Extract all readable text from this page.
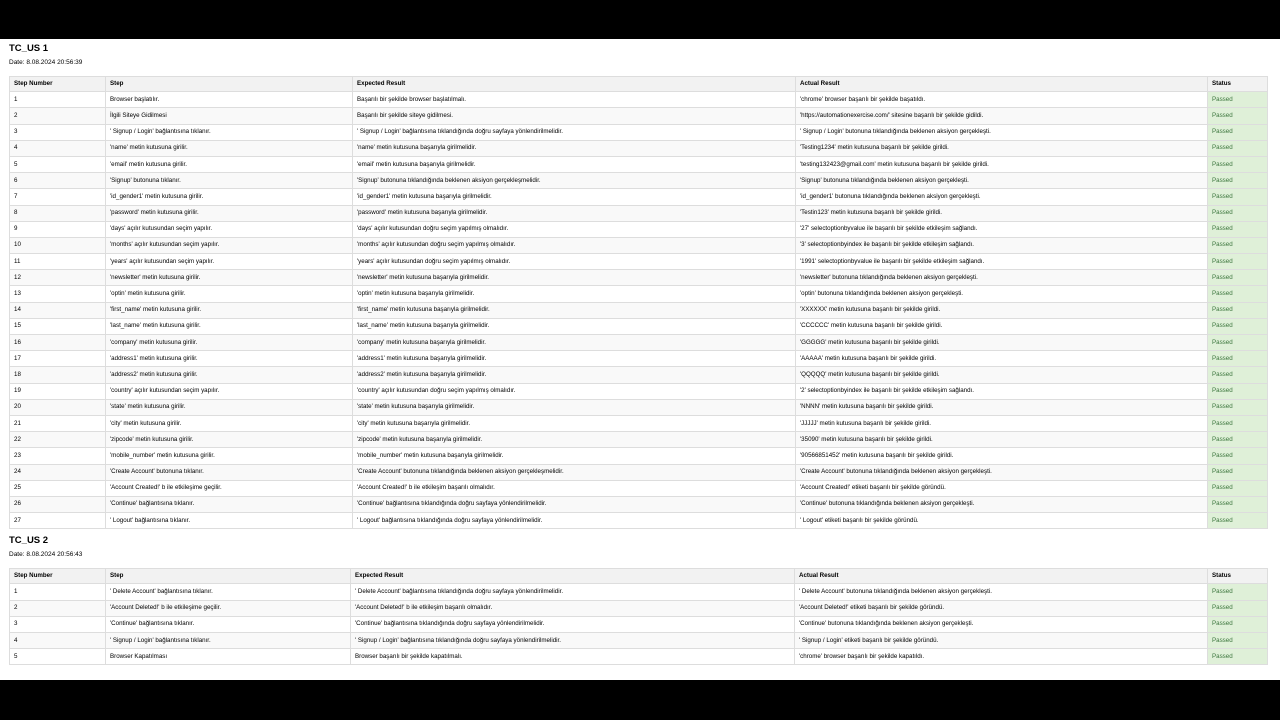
TC_US 1
Date: 8.08.2024 20:56:39
Step Number	Step	Expected Result	Actual Result	Status
1	Browser başlatılır.	Başarılı bir şekilde browser başlatılmalı.	'chrome' browser başarılı bir şekilde başatıldı.	Passed
2	İlgili Siteye Gidilmesi	Başarılı bir şekilde siteye gidilmesi.	'https://automationexercise.com/' sitesine başarılı bir şekilde gidildi.	Passed
3	' Signup / Login' bağlantısına tıklanır.	' Signup / Login' bağlantısına tıklandığında doğru sayfaya yönlendirilmelidir.	' Signup / Login' butonuna tıklandığında beklenen aksiyon gerçekleşti.	Passed
4	'name' metin kutusuna girilir.	'name' metin kutusuna başarıyla girilmelidir.	'Testing1234' metin kutusuna başarılı bir şekilde girildi.	Passed
5	'email' metin kutusuna girilir.	'email' metin kutusuna başarıyla girilmelidir.	'testing132423@gmail.com' metin kutusuna başarılı bir şekilde girildi.	Passed
6	'Signup' butonuna tıklanır.	'Signup' butonuna tıklandığında beklenen aksiyon gerçekleşmelidir.	'Signup' butonuna tıklandığında beklenen aksiyon gerçekleşti.	Passed
7	'id_gender1' metin kutusuna girilir.	'id_gender1' metin kutusuna başarıyla girilmelidir.	'id_gender1' butonuna tıklandığında beklenen aksiyon gerçekleşti.	Passed
8	'password' metin kutusuna girilir.	'password' metin kutusuna başarıyla girilmelidir.	'Testin123' metin kutusuna başarılı bir şekilde girildi.	Passed
9	'days' açılır kutusundan seçim yapılır.	'days' açılır kutusundan doğru seçim yapılmış olmalıdır.	'27' selectoptionbyvalue ile başarılı bir şekilde etkileşim sağlandı.	Passed
10	'months' açılır kutusundan seçim yapılır.	'months' açılır kutusundan doğru seçim yapılmış olmalıdır.	'3' selectoptionbyindex ile başarılı bir şekilde etkileşim sağlandı.	Passed
11	'years' açılır kutusundan seçim yapılır.	'years' açılır kutusundan doğru seçim yapılmış olmalıdır.	'1991' selectoptionbyvalue ile başarılı bir şekilde etkileşim sağlandı.	Passed
12	'newsletter' metin kutusuna girilir.	'newsletter' metin kutusuna başarıyla girilmelidir.	'newsletter' butonuna tıklandığında beklenen aksiyon gerçekleşti.	Passed
13	'optin' metin kutusuna girilir.	'optin' metin kutusuna başarıyla girilmelidir.	'optin' butonuna tıklandığında beklenen aksiyon gerçekleşti.	Passed
14	'first_name' metin kutusuna girilir.	'first_name' metin kutusuna başarıyla girilmelidir.	'XXXXXX' metin kutusuna başarılı bir şekilde girildi.	Passed
15	'last_name' metin kutusuna girilir.	'last_name' metin kutusuna başarıyla girilmelidir.	'CCCCCC' metin kutusuna başarılı bir şekilde girildi.	Passed
16	'company' metin kutusuna girilir.	'company' metin kutusuna başarıyla girilmelidir.	'GGGGG' metin kutusuna başarılı bir şekilde girildi.	Passed
17	'address1' metin kutusuna girilir.	'address1' metin kutusuna başarıyla girilmelidir.	'AAAAA' metin kutusuna başarılı bir şekilde girildi.	Passed
18	'address2' metin kutusuna girilir.	'address2' metin kutusuna başarıyla girilmelidir.	'QQQQQ' metin kutusuna başarılı bir şekilde girildi.	Passed
19	'country' açılır kutusundan seçim yapılır.	'country' açılır kutusundan doğru seçim yapılmış olmalıdır.	'2' selectoptionbyindex ile başarılı bir şekilde etkileşim sağlandı.	Passed
20	'state' metin kutusuna girilir.	'state' metin kutusuna başarıyla girilmelidir.	'NNNN' metin kutusuna başarılı bir şekilde girildi.	Passed
21	'city' metin kutusuna girilir.	'city' metin kutusuna başarıyla girilmelidir.	'JJJJJ' metin kutusuna başarılı bir şekilde girildi.	Passed
22	'zipcode' metin kutusuna girilir.	'zipcode' metin kutusuna başarıyla girilmelidir.	'35090' metin kutusuna başarılı bir şekilde girildi.	Passed
23	'mobile_number' metin kutusuna girilir.	'mobile_number' metin kutusuna başarıyla girilmelidir.	'90566851452' metin kutusuna başarılı bir şekilde girildi.	Passed
24	'Create Account' butonuna tıklanır.	'Create Account' butonuna tıklandığında beklenen aksiyon gerçekleşmelidir.	'Create Account' butonuna tıklandığında beklenen aksiyon gerçekleşti.	Passed
25	'Account Created!' b ile etkileşime geçilir.	'Account Created!' b ile etkileşim başarılı olmalıdır.	'Account Created!' etiketi başarılı bir şekilde göründü.	Passed
26	'Continue' bağlantısına tıklanır.	'Continue' bağlantısına tıklandığında doğru sayfaya yönlendirilmelidir.	'Continue' butonuna tıklandığında beklenen aksiyon gerçekleşti.	Passed
27	' Logout' bağlantısına tıklanır.	' Logout' bağlantısına tıklandığında doğru sayfaya yönlendirilmelidir.	' Logout' etiketi başarılı bir şekilde göründü.	Passed
TC_US 2
Date: 8.08.2024 20:56:43
Step Number	Step	Expected Result	Actual Result	Status
1	' Delete Account' bağlantısına tıklanır.	' Delete Account' bağlantısına tıklandığında doğru sayfaya yönlendirilmelidir.	' Delete Account' butonuna tıklandığında beklenen aksiyon gerçekleşti.	Passed
2	'Account Deleted!' b ile etkileşime geçilir.	'Account Deleted!' b ile etkileşim başarılı olmalıdır.	'Account Deleted!' etiketi başarılı bir şekilde göründü.	Passed
3	'Continue' bağlantısına tıklanır.	'Continue' bağlantısına tıklandığında doğru sayfaya yönlendirilmelidir.	'Continue' butonuna tıklandığında beklenen aksiyon gerçekleşti.	Passed
4	' Signup / Login' bağlantısına tıklanır.	' Signup / Login' bağlantısına tıklandığında doğru sayfaya yönlendirilmelidir.	' Signup / Login' etiketi başarılı bir şekilde göründü.	Passed
5	Browser Kapatılması	Browser başarılı bir şekilde kapatılmalı.	'chrome' browser başarılı bir şekilde kapatıldı.	Passed
